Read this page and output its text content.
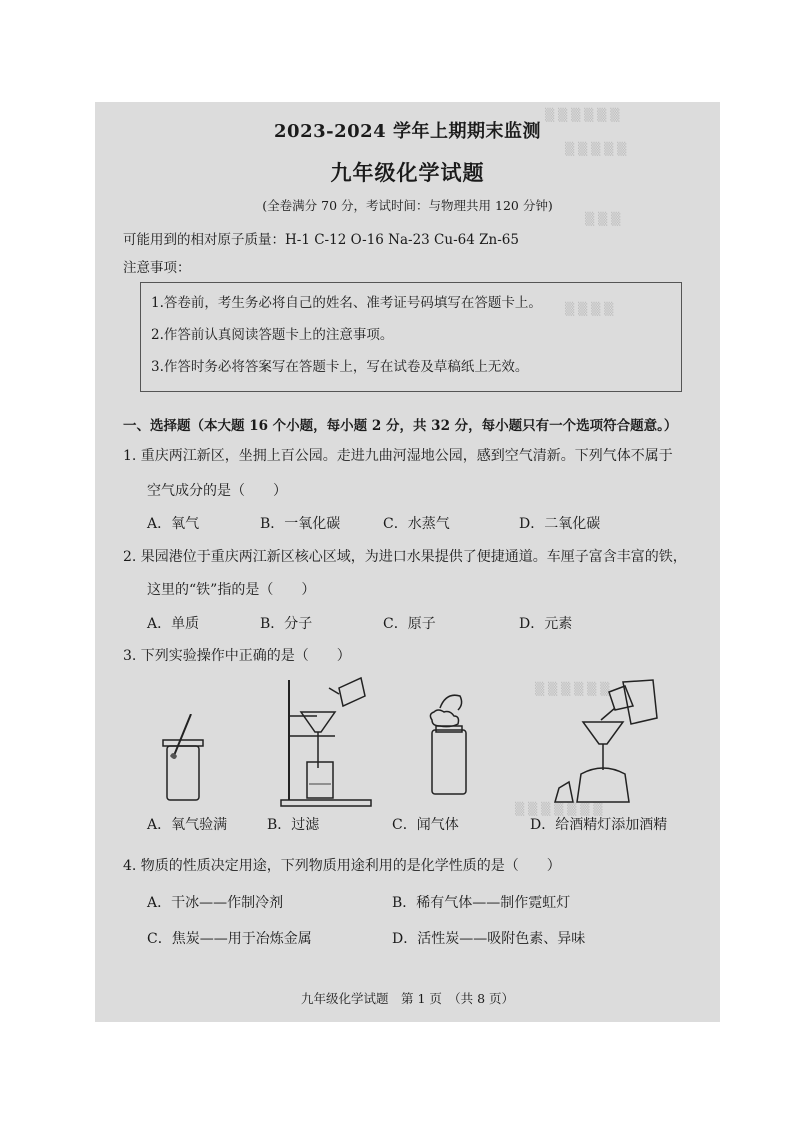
▒ ▒ ▒ ▒ ▒ ▒
▒ ▒ ▒ ▒ ▒
▒ ▒ ▒
▒ ▒ ▒ ▒
▒ ▒ ▒ ▒ ▒ ▒
▒ ▒ ▒ ▒ ▒ ▒ ▒
2023-2024 学年上期期末监测
九年级化学试题
(全卷满分 70 分，考试时间：与物理共用 120 分钟)
可能用到的相对原子质量：H-1 C-12 O-16 Na-23 Cu-64 Zn-65
注意事项：
1.答卷前，考生务必将自己的姓名、准考证号码填写在答题卡上。
2.作答前认真阅读答题卡上的注意事项。
3.作答时务必将答案写在答题卡上，写在试卷及草稿纸上无效。
一、选择题（本大题 16 个小题，每小题 2 分，共 32 分，每小题只有一个选项符合题意。）
1. 重庆两江新区，坐拥上百公园。走进九曲河湿地公园，感到空气清新。下列气体不属于
空气成分的是（　　）
A．氧气	B．一氧化碳	C．水蒸气	D．二氧化碳
2. 果园港位于重庆两江新区核心区域，为进口水果提供了便捷通道。车厘子富含丰富的铁，
这里的“铁”指的是（　　）
A．单质	B．分子	C．原子	D．元素
3. 下列实验操作中正确的是（　　）
A．氧气验满	B．过滤	C．闻气体	D．给酒精灯添加酒精
4. 物质的性质决定用途，下列物质用途利用的是化学性质的是（　　）
A．干冰——作制冷剂	B．稀有气体——制作霓虹灯
C．焦炭——用于冶炼金属	D．活性炭——吸附色素、异味
九年级化学试题　第 1 页　（共 8 页）
